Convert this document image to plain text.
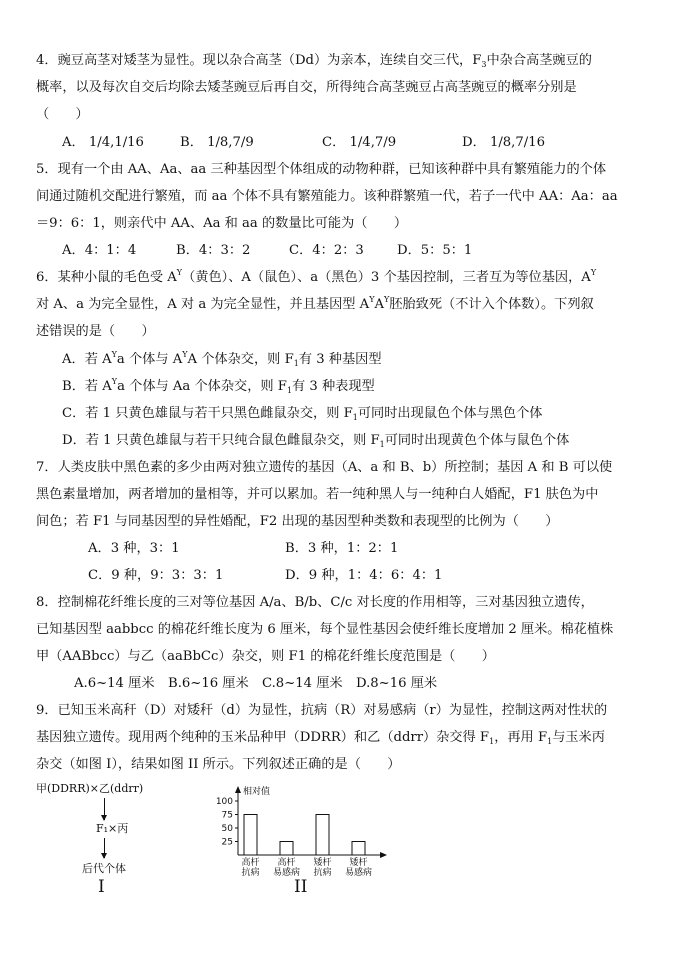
4．豌豆高茎对矮茎为显性。现以杂合高茎（Dd）为亲本，连续自交三代，$F_3$中杂合高茎豌豆的
概率，以及每次自交后均除去矮茎豌豆后再自交，所得纯合高茎豌豆占高茎豌豆的概率分别是
（　　）
A． 1/4,1/16	B． 1/8,7/9	C． 1/4,7/9	D． 1/8,7/16
5．现有一个由 AA、Aa、aa 三种基因型个体组成的动物种群，已知该种群中具有繁殖能力的个体
间通过随机交配进行繁殖，而 aa 个体不具有繁殖能力。该种群繁殖一代，若子一代中 AA：Aa：aa
＝9：6：1，则亲代中 AA、Aa 和 aa 的数量比可能为（　　）
A．4：1：4	B．4：3：2	C．4：2：3	D．5：5：1
6．某种小鼠的毛色受 $A^Y$（黄色）、A（鼠色）、a（黑色）3 个基因控制，三者互为等位基因，$A^Y$
对 A、a 为完全显性，A 对 a 为完全显性，并且基因型 $A^YA^Y$胚胎致死（不计入个体数）。下列叙
述错误的是（　　）
A．若 $A^Ya$ 个体与 $A^YA$ 个体杂交，则 $F_1$有 3 种基因型
B．若 $A^Ya$ 个体与 Aa 个体杂交，则 $F_1$有 3 种表现型
C．若 1 只黄色雄鼠与若干只黑色雌鼠杂交，则 $F_1$可同时出现鼠色个体与黑色个体
D．若 1 只黄色雄鼠与若干只纯合鼠色雌鼠杂交，则 $F_1$可同时出现黄色个体与鼠色个体
7．人类皮肤中黑色素的多少由两对独立遗传的基因（A、a 和 B、b）所控制；基因 A 和 B 可以使
黑色素量增加，两者增加的量相等，并可以累加。若一纯种黑人与一纯种白人婚配，F1 肤色为中
间色；若 F1 与同基因型的异性婚配，F2 出现的基因型种类数和表现型的比例为（　　）
A．3 种，3：1	B．3 种，1：2：1
C．9 种，9：3：3：1	D．9 种，1：4：6：4：1
8．控制棉花纤维长度的三对等位基因 A/a、B/b、C/c 对长度的作用相等，三对基因独立遗传，
已知基因型 aabbcc 的棉花纤维长度为 6 厘米，每个显性基因会使纤维长度增加 2 厘米。棉花植株
甲（AABbcc）与乙（aaBbCc）杂交，则 F1 的棉花纤维长度范围是（　　）
A.6~14 厘米 B.6~16 厘米 C.8~14 厘米 D.8~16 厘米
9．已知玉米高秆（D）对矮秆（d）为显性，抗病（R）对易感病（r）为显性，控制这两对性状的
基因独立遗传。现用两个纯种的玉米品种甲（DDRR）和乙（ddrr）杂交得 $F_1$，再用 $F_1$与玉米丙
杂交（如图 I），结果如图 II 所示。下列叙述正确的是（　　）
甲(DDRR)×乙(ddrr)
F₁×丙
后代个体
I
相对值
25
50
75
100
高杆
抗病
高杆
易感病
矮杆
抗病
矮杆
易感病
II
